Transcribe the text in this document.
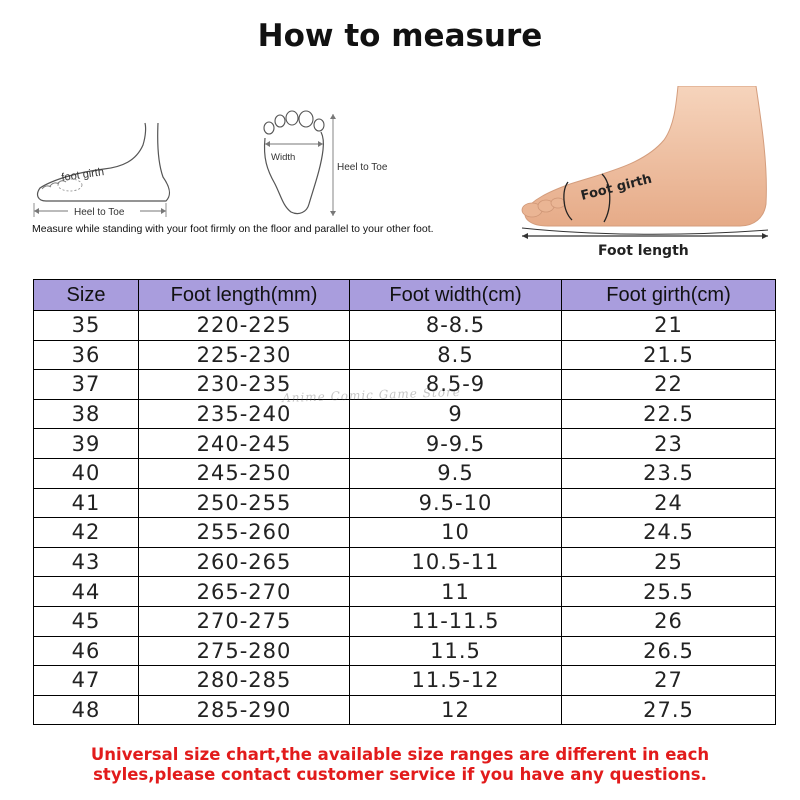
How to measure
foot girth
Heel to Toe
Width
Heel to Toe
Foot girth
Foot length
Measure while standing with your foot firmly on the floor and parallel to your other foot.
Size	Foot length(mm)	Foot width(cm)	Foot girth(cm)
35	220-225	8-8.5	21
36	225-230	8.5	21.5
37	230-235	8.5-9	22
38	235-240	9	22.5
39	240-245	9-9.5	23
40	245-250	9.5	23.5
41	250-255	9.5-10	24
42	255-260	10	24.5
43	260-265	10.5-11	25
44	265-270	11	25.5
45	270-275	11-11.5	26
46	275-280	11.5	26.5
47	280-285	11.5-12	27
48	285-290	12	27.5
Anime Comic Game Store
Universal size chart,the available size ranges are different in each
styles,please contact customer service if you have any questions.
